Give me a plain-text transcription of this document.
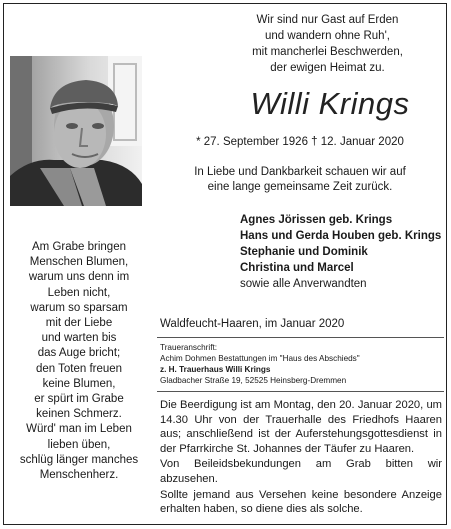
Wir sind nur Gast auf Erden
und wandern ohne Ruh',
mit mancherlei Beschwerden,
der ewigen Heimat zu.
Willi Krings
* 27. September 1926 † 12. Januar 2020
In Liebe und Dankbarkeit schauen wir auf
eine lange gemeinsame Zeit zurück.
Agnes Jörissen geb. Krings
Hans und Gerda Houben geb. Krings
Stephanie und Dominik
Christina und Marcel
sowie alle Anverwandten
Am Grabe bringen
Menschen Blumen,
warum uns denn im
Leben nicht,
warum so sparsam
mit der Liebe
und warten bis
das Auge bricht;
den Toten freuen
keine Blumen,
er spürt im Grabe
keinen Schmerz.
Würd' man im Leben
lieben üben,
schlüg länger manches
Menschenherz.
Waldfeucht-Haaren, im Januar 2020
Traueranschrift:
Achim Dohmen Bestattungen im "Haus des Abschieds"
z. H. Trauerhaus Willi Krings
Gladbacher Straße 19, 52525 Heinsberg-Dremmen

Die Beerdigung ist am Montag, den 20. Januar 2020, um 14.30 Uhr von der Trauerhalle des Friedhofs Haaren aus; anschließend ist der Auferstehungsgottesdienst in der Pfarrkirche St. Johannes der Täufer zu Haaren.

Von Beileidsbekundungen am Grab bitten wir abzusehen.

Sollte jemand aus Versehen keine besondere Anzeige erhalten haben, so diene dies als solche.
